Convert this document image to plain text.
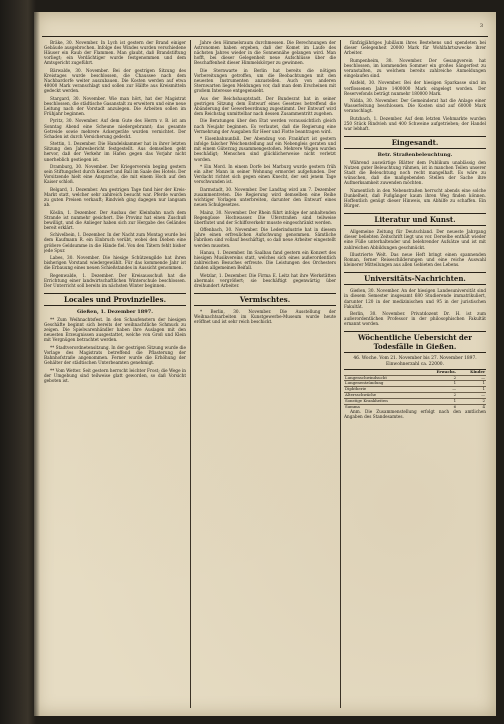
3

Bräke, 30. November. In Lych ist gestern der Brand einiger Gebäude ausgebrochen. Infolge des Windes wurden verschiedene Häuser ein Raub der Flammen. Man glaubt, daß Brandstiftung vorliegt; ein Verdächtiger wurde festgenommen und dem Amtsgericht zugeführt.

Bärwalde, 30. November. Bei der gestrigen Sitzung des Kreistages wurde beschlossen, die Chaussee nach dem Nachbardorfe weiter auszubauen. Die Kosten werden auf etwa 40000 Mark veranschlagt und sollen zur Hälfte aus Kreismitteln gedeckt werden.

Stargard, 30. November. Wie man hört, hat der Magistrat beschlossen, die städtische Gasanstalt zu erweitern und eine neue Leitung nach der Vorstadt anzulegen. Die Arbeiten sollen im Frühjahr beginnen.

Pyritz, 30. November. Auf dem Gute des Herrn v. B. ist am Sonntag Abend eine Scheune niedergebrannt; das gesamte Getreide sowie mehrere Ackergeräte wurden vernichtet. Der Schaden ist durch Versicherung gedeckt.

Stettin, 1. Dezember. Die Handelskammer hat in ihrer letzten Sitzung den Jahresbericht festgestellt. Aus demselben geht hervor, daß der Verkehr im Hafen gegen das Vorjahr nicht unerheblich gestiegen ist.

Dramburg, 30. November. Der Kriegerverein beging gestern sein Stiftungsfest durch Konzert und Ball im Saale des Hotels. Der Vorsitzende hielt eine Ansprache, die mit einem Hoch auf den Kaiser schloß.

Belgard, 1. Dezember. Am gestrigen Tage fand hier der Kreis-Markt statt, welcher sehr zahlreich besucht war. Pferde wurden zu guten Preisen verkauft; Rindvieh ging dagegen nur langsam ab.

Köslin, 1. Dezember. Der Ausbau der Kleinbahn nach dem Strande ist nunmehr gesichert. Die Provinz hat einen Zuschuß bewilligt, und die Anlieger haben sich zur Hergabe des Geländes bereit erklärt.

Schivelbein, 1. Dezember. In der Nacht zum Montag wurde bei dem Kaufmann R. ein Einbruch verübt, wobei den Dieben eine größere Geldsumme in die Hände fiel. Von den Tätern fehlt bisher jede Spur.

Labes, 30. November. Die hiesige Schützengilde hat ihren bisherigen Vorstand wiedergewählt. Für das kommende Jahr ist die Erbauung eines neuen Schießstandes in Aussicht genommen.

Regenwalde, 1. Dezember. Der Kreisausschuß hat die Errichtung einer landwirtschaftlichen Winterschule beschlossen. Der Unterricht soll bereits im nächsten Winter beginnen.

Locales und Provinzielles.
Gießen, 1. Dezember 1897.

** Zum Weihnachtsfest. In den Schaufenstern der hiesigen Geschäfte beginnt sich bereits der weihnachtliche Schmuck zu zeigen. Die Spielwarenhändler haben ihre Auslagen mit den neuesten Erzeugnissen ausgestattet, welche von Groß und Klein mit Vergnügen betrachtet werden.

** Stadtverordnetensitzung. In der gestrigen Sitzung wurde die Vorlage des Magistrats betreffend die Pflasterung der Bahnhofstraße angenommen. Ferner wurde die Erhöhung der Gehälter der städtischen Unterbeamten genehmigt.

** Vom Wetter. Seit gestern herrscht leichter Frost; die Wege in der Umgebung sind teilweise glatt geworden, so daß Vorsicht geboten ist.

Jahre den Himmelsraum durchmessen. Die Berechnungen der Astronomen haben ergeben, daß der Komet im Laufe des nächsten Jahres wieder in die Sonnennähe gelangen wird. Man hofft, bei dieser Gelegenheit neue Aufschlüsse über die Beschaffenheit dieser Himmelskörper zu gewinnen.

Die Sternwarte in Berlin hat bereits die nötigen Vorbereitungen getroffen, um die Beobachtungen mit den neuesten Instrumenten anzustellen. Auch von anderen Sternwarten liegen Meldungen vor, daß man dem Erscheinen mit großem Interesse entgegensieht.

Aus der Reichshauptstadt. Der Bundesrat hat in seiner gestrigen Sitzung dem Entwurf eines Gesetzes betreffend die Abänderung der Gewerbeordnung zugestimmt. Der Entwurf wird dem Reichstag unmittelbar nach dessen Zusammentritt zugehen.

Die Beratungen über den Etat werden voraussichtlich gleich nach Neujahr beginnen. Es verlautet, daß die Regierung eine Vermehrung der Ausgaben für Heer und Flotte beantragen wird.

* Eisenbahnunfall. Der Abendzug von Frankfurt ist gestern infolge falscher Weichenstellung auf ein Nebengleis geraten und mit einem Güterzug zusammengestoßen. Mehrere Wagen wurden beschädigt; Menschen sind glücklicherweise nicht verletzt worden.

* Ein Mord. In einem Dorfe bei Marburg wurde gestern früh ein alter Mann in seiner Wohnung ermordet aufgefunden. Der Verdacht richtet sich gegen einen Knecht, der seit jenem Tage verschwunden ist.

Darmstadt, 30. November. Der Landtag wird am 7. Dezember zusammentreten. Die Regierung wird demselben eine Reihe wichtiger Vorlagen unterbreiten, darunter den Entwurf eines neuen Schulgesetzes.

Mainz, 30. November. Der Rhein führt infolge der anhaltenden Regengüsse Hochwasser. Die Uferstraßen sind teilweise überflutet und der Schiffsverkehr musste eingeschränkt werden.

Offenbach, 30. November. Die Lederindustrie hat in diesem Jahre einen erfreulichen Aufschwung genommen. Sämtliche Fabriken sind vollauf beschäftigt, so daß neue Arbeiter eingestellt werden mussten.

Hanau, 1. Dezember. Im Saalbau fand gestern ein Konzert des hiesigen Musikvereins statt, welches sich eines außerordentlich zahlreichen Besuches erfreute. Die Leistungen des Orchesters fanden allgemeinen Beifall.

Wetzlar, 1. Dezember. Die Firma E. Leitz hat ihre Werkstätten abermals vergrößert; sie beschäftigt gegenwärtig über dreihundert Arbeiter.

Vermischtes.

* Berlin, 30. November. Die Ausstellung der Weihnachtsarbeiten im Kunstgewerbe-Museum wurde heute eröffnet und ist sehr reich beschickt.

fünfzigjähriges Jubiläum ihres Bestehens und spendeten bei dieser Gelegenheit 20000 Mark für Wohlfahrtszwecke ihrer Arbeiter.

Rumpenheim, 30. November. Der Gesangverein hat beschlossen, im kommenden Sommer ein großes Sängerfest zu veranstalten, zu welchem bereits zahlreiche Anmeldungen eingelaufen sind.

Alsfeld, 30. November. Bei der hiesigen Sparkasse sind im verflossenen Jahre 1400000 Mark eingelegt worden. Der Reservefonds beträgt nunmehr 180000 Mark.

Nidda, 30. November. Der Gemeinderat hat die Anlage einer Wasserleitung beschlossen. Die Kosten sind auf 60000 Mark veranschlagt.

Butzbach, 1. Dezember. Auf dem letzten Viehmarkte wurden 250 Stück Rindvieh und 400 Schweine aufgetrieben; der Handel war lebhaft.

Eingesandt.
Betr. Straßenbeleuchtung.

Während auswärtige Blätter dem Publikum unablässig den Nutzen guter Beleuchtung rühmen, ist in manchen Teilen unserer Stadt die Beleuchtung noch recht mangelhaft. Es wäre zu wünschen, daß die maßgebenden Stellen der Sache ihre Aufmerksamkeit zuwenden möchten.

Namentlich in den Nebenstraßen herrscht abends eine solche Dunkelheit, daß Fußgänger kaum ihren Weg finden können. Hoffentlich genügt dieser Hinweis, um Abhilfe zu schaffen. Ein Bürger.

Literatur und Kunst.

Allgemeine Zeitung für Deutschland. Der neueste Jahrgang dieser beliebten Zeitschrift liegt uns vor. Derselbe enthält wieder eine Fülle unterhaltender und belehrender Aufsätze und ist mit zahlreichen Abbildungen geschmückt.

Illustrierte Welt. Das neue Heft bringt einen spannenden Roman, ferner Reiseschilderungen und eine reiche Auswahl kleinerer Mitteilungen aus allen Gebieten des Lebens.

Universitäts-Nachrichten.

Gießen, 30. November. An der hiesigen Landesuniversität sind in diesem Semester insgesamt 680 Studierende immatrikuliert, darunter 120 in der medizinischen und 95 in der juristischen Fakultät.

Berlin, 30. November. Privatdozent Dr. H. ist zum außerordentlichen Professor in der philosophischen Fakultät ernannt worden.

Wöchentliche Uebersicht der Todesfälle in Gießen.
46. Woche. Vom 21. November bis 27. November 1897. Einwohnerzahl ca. 22000.
	Erwachs.	Kinder
Lungenschwindsucht	2	—
Lungenentzündung	1	1
Diphtherie	—	1
Altersschwäche	2	—
Sonstige Krankheiten	1	2
Summa	6	4

Anm. Die Zusammenstellung erfolgt nach den amtlichen Angaben des Standesamtes.
